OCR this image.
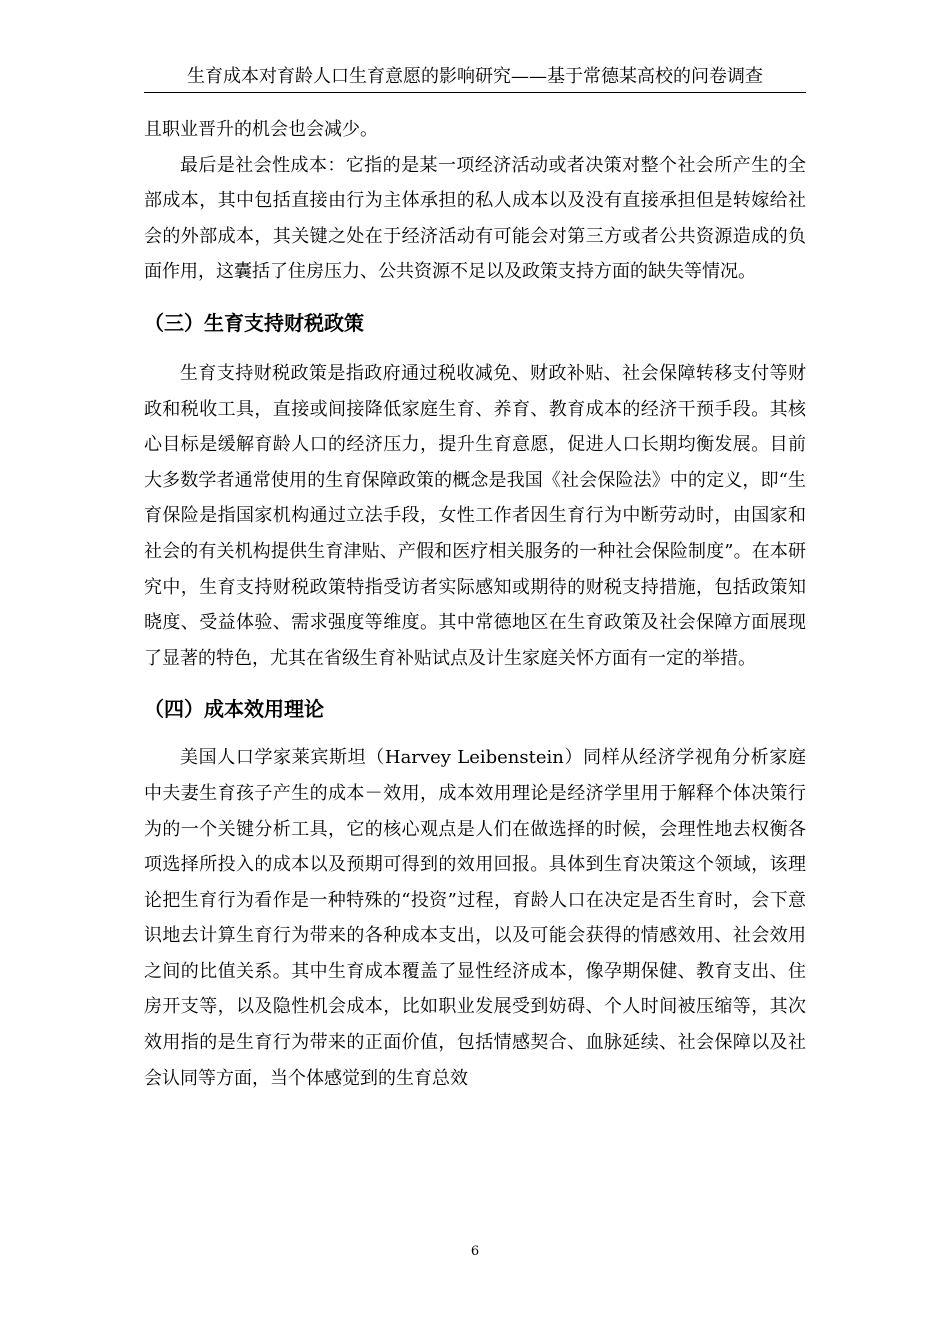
生育成本对育龄人口生育意愿的影响研究——基于常德某高校的问卷调查

且职业晋升的机会也会减少。

最后是社会性成本：它指的是某一项经济活动或者决策对整个社会所产生的全部成本，其中包括直接由行为主体承担的私人成本以及没有直接承担但是转嫁给社会的外部成本，其关键之处在于经济活动有可能会对第三方或者公共资源造成的负面作用，这囊括了住房压力、公共资源不足以及政策支持方面的缺失等情况。

（三）生育支持财税政策

生育支持财税政策是指政府通过税收减免、财政补贴、社会保障转移支付等财政和税收工具，直接或间接降低家庭生育、养育、教育成本的经济干预手段。其核心目标是缓解育龄人口的经济压力，提升生育意愿，促进人口长期均衡发展。目前大多数学者通常使用的生育保障政策的概念是我国《社会保险法》中的定义，即“生育保险是指国家机构通过立法手段，女性工作者因生育行为中断劳动时，由国家和社会的有关机构提供生育津贴、产假和医疗相关服务的一种社会保险制度”。在本研究中，生育支持财税政策特指受访者实际感知或期待的财税支持措施，包括政策知晓度、受益体验、需求强度等维度。其中常德地区在生育政策及社会保障方面展现了显著的特色，尤其在省级生育补贴试点及计生家庭关怀方面有一定的举措。

（四）成本效用理论

美国人口学家莱宾斯坦（Harvey Leibenstein）同样从经济学视角分析家庭中夫妻生育孩子产生的成本－效用，成本效用理论是经济学里用于解释个体决策行为的一个关键分析工具，它的核心观点是人们在做选择的时候，会理性地去权衡各项选择所投入的成本以及预期可得到的效用回报。具体到生育决策这个领域，该理论把生育行为看作是一种特殊的“投资”过程，育龄人口在决定是否生育时，会下意识地去计算生育行为带来的各种成本支出，以及可能会获得的情感效用、社会效用之间的比值关系。其中生育成本覆盖了显性经济成本，像孕期保健、教育支出、住房开支等，以及隐性机会成本，比如职业发展受到妨碍、个人时间被压缩等，其次效用指的是生育行为带来的正面价值，包括情感契合、血脉延续、社会保障以及社会认同等方面，当个体感觉到的生育总效

6
